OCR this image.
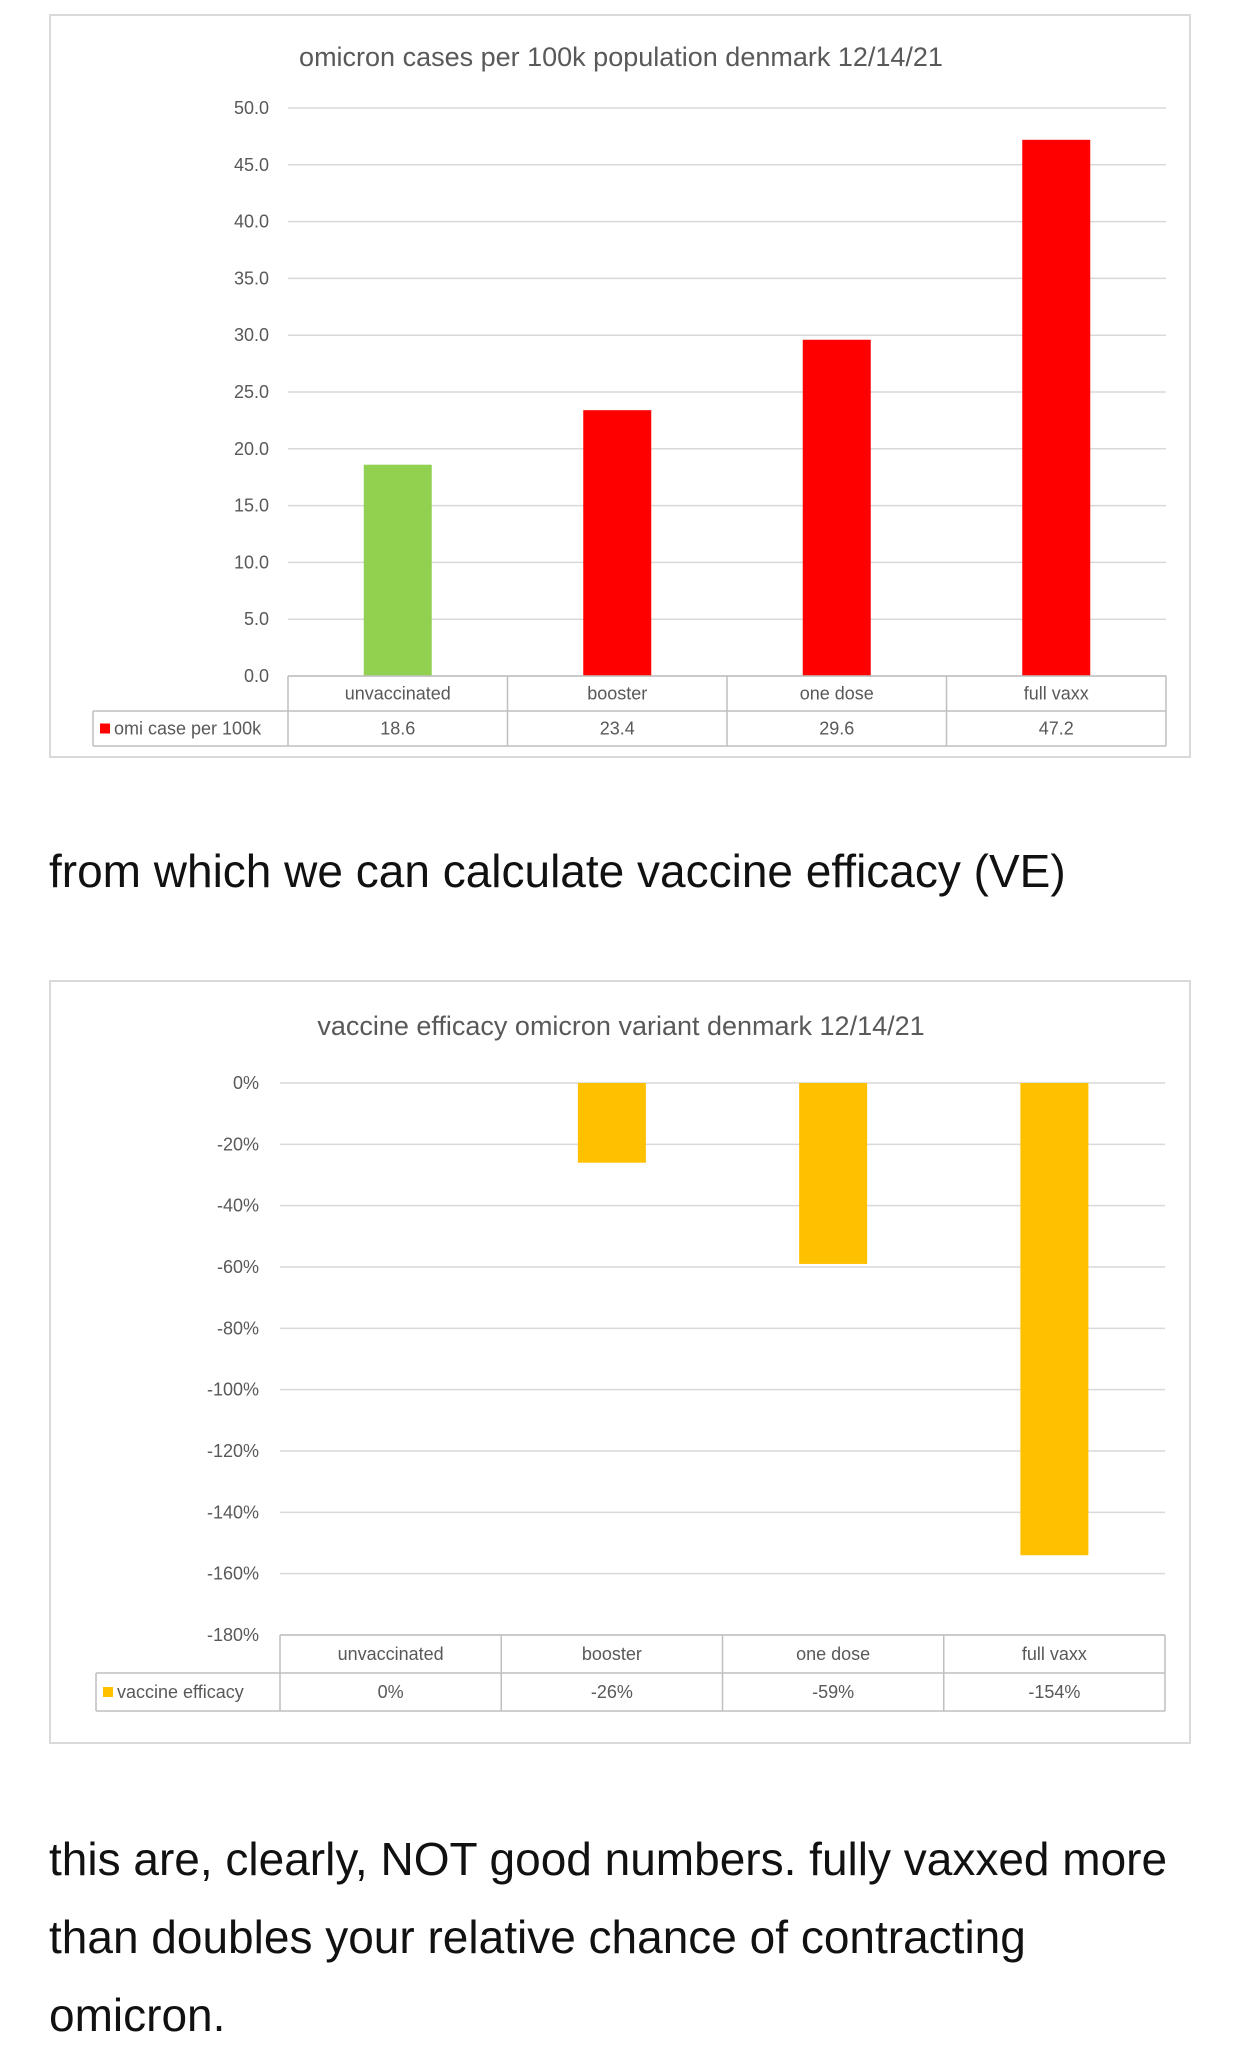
omicron cases per 100k population denmark 12/14/21
0.0
5.0
10.0
15.0
20.0
25.0
30.0
35.0
40.0
45.0
50.0
unvaccinated
18.6
booster
23.4
one dose
29.6
full vaxx
47.2
omi case per 100k

from which we can calculate vaccine efficacy (VE)

vaccine efficacy omicron variant denmark 12/14/21
0%
-20%
-40%
-60%
-80%
-100%
-120%
-140%
-160%
-180%
unvaccinated
0%
booster
-26%
one dose
-59%
full vaxx
-154%
vaccine efficacy

this are, clearly, NOT good numbers. fully vaxxed more than doubles your relative chance of contracting omicron.
